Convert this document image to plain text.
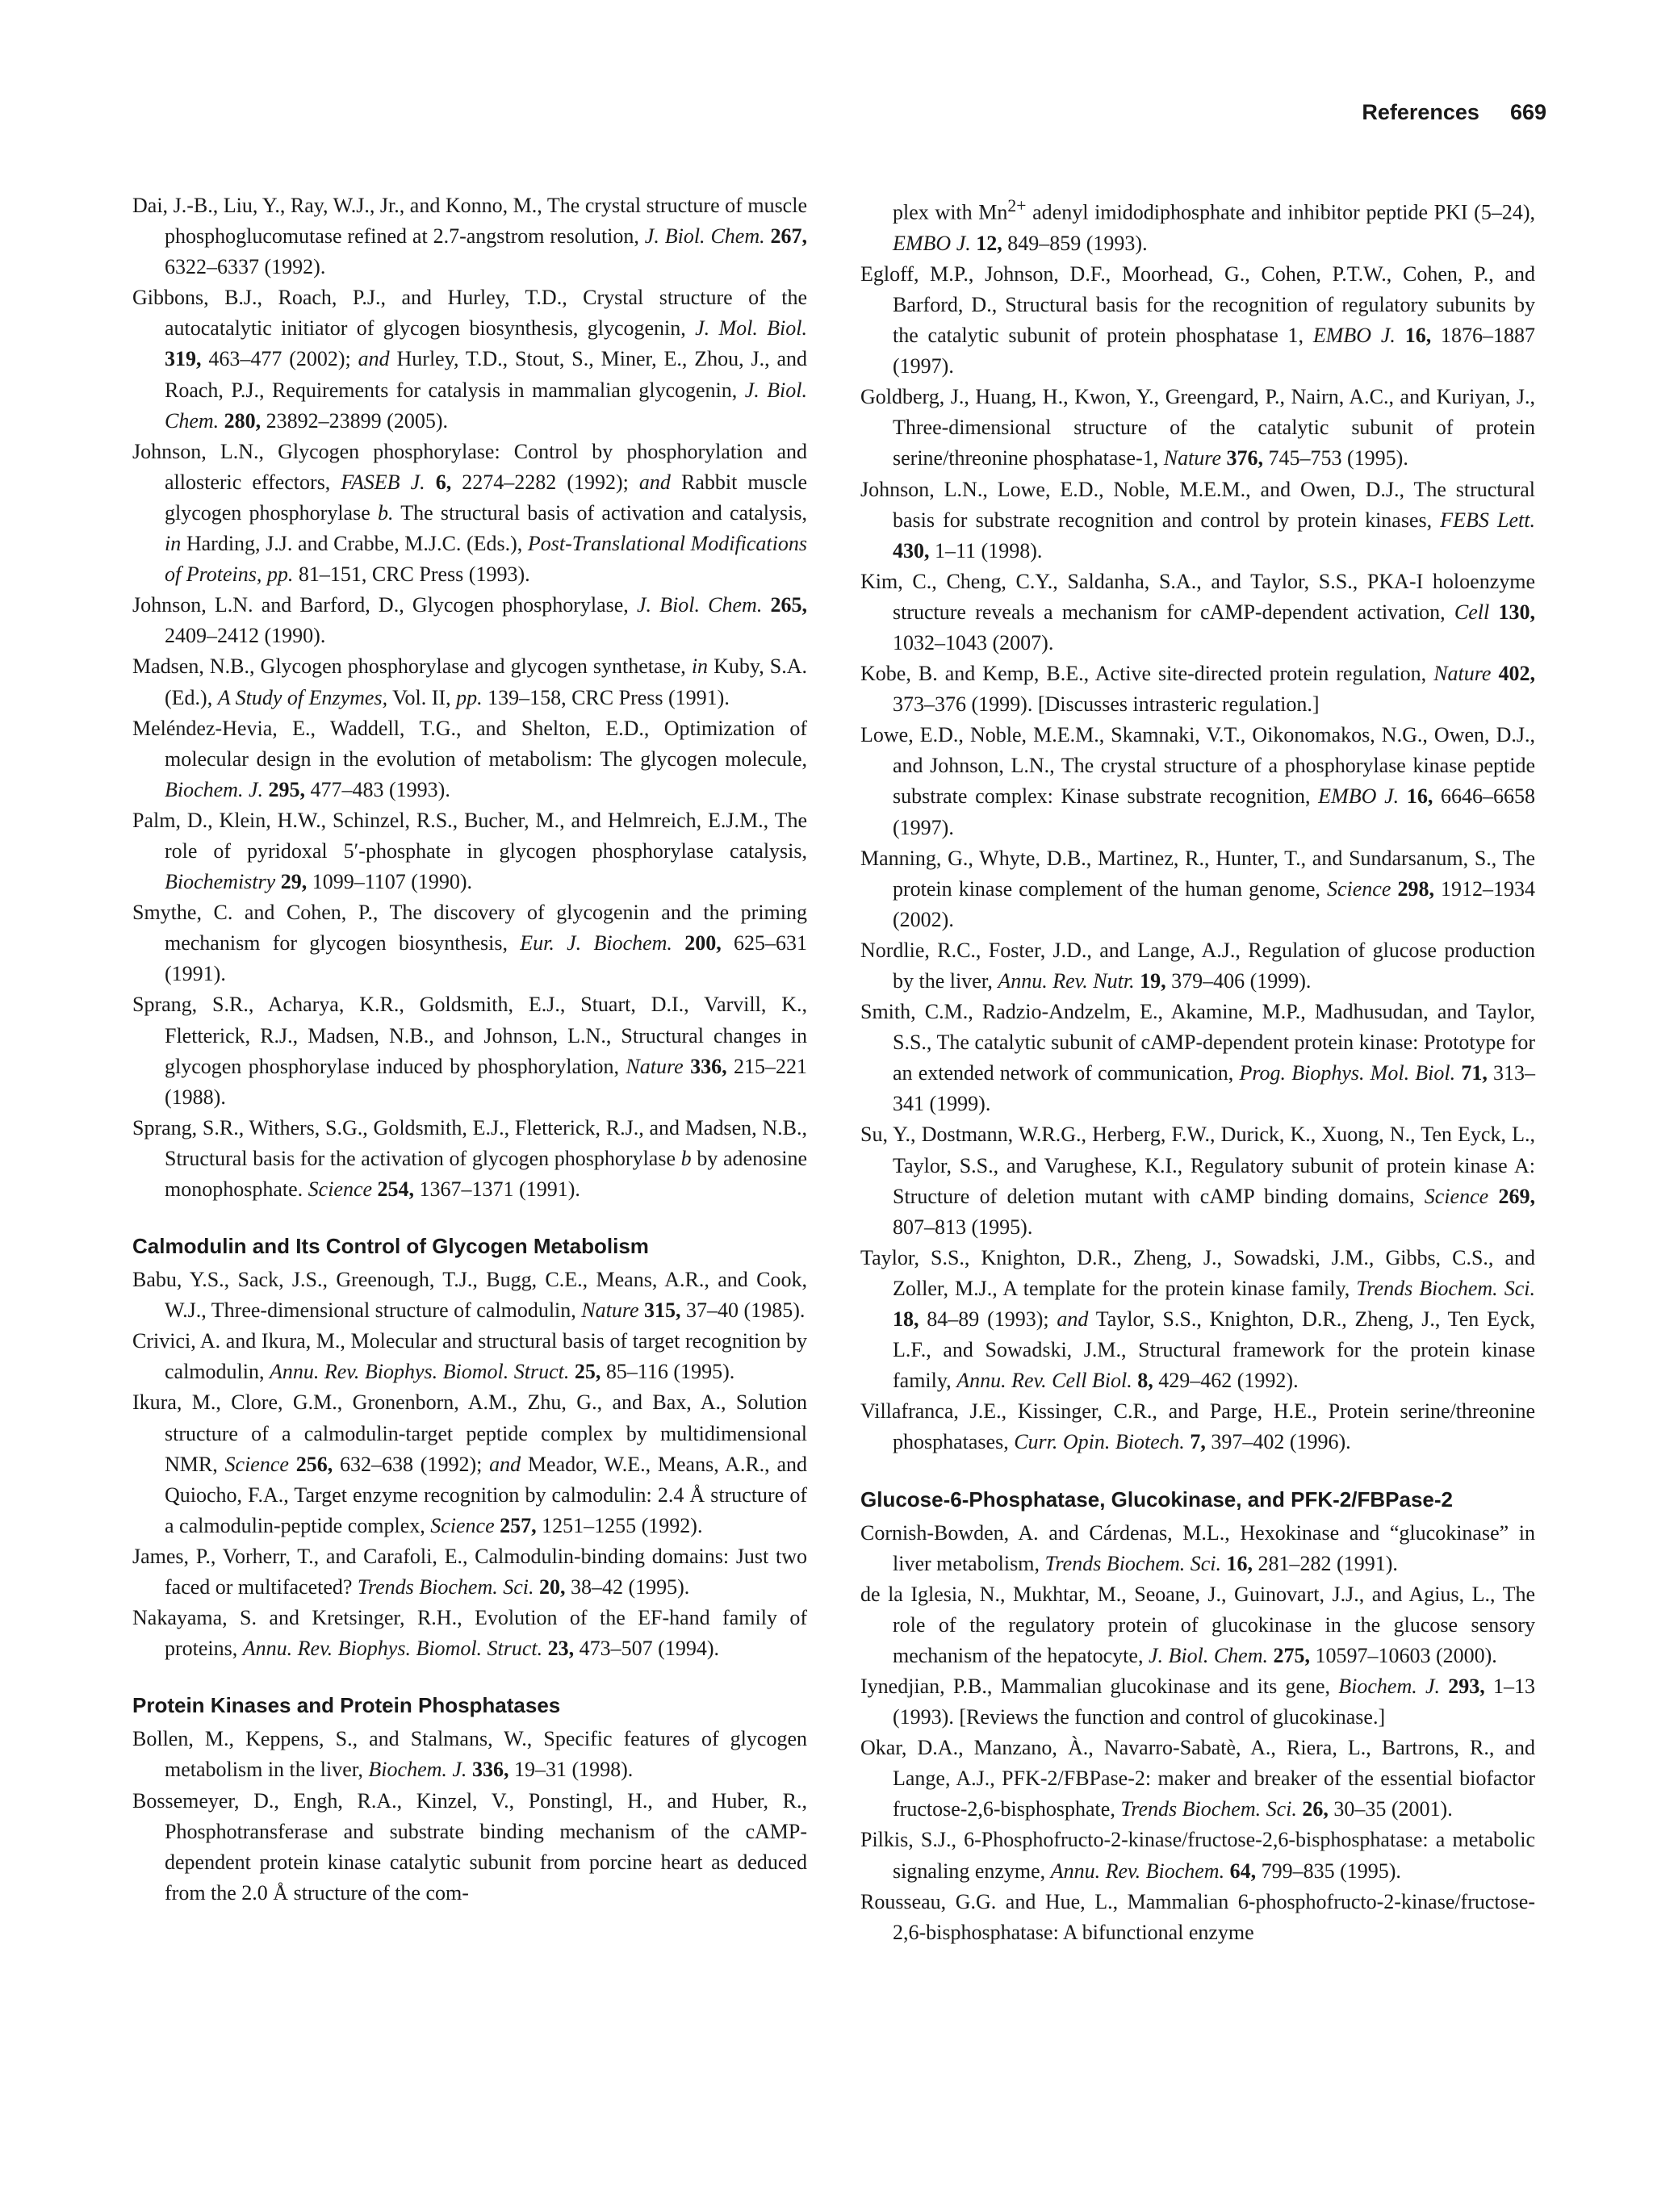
References 669

Dai, J.-B., Liu, Y., Ray, W.J., Jr., and Konno, M., The crystal structure of muscle phosphoglucomutase refined at 2.7-angstrom resolution, J. Biol. Chem. 267, 6322–6337 (1992).

Gibbons, B.J., Roach, P.J., and Hurley, T.D., Crystal structure of the autocatalytic initiator of glycogen biosynthesis, glycogenin, J. Mol. Biol. 319, 463–477 (2002); and Hurley, T.D., Stout, S., Miner, E., Zhou, J., and Roach, P.J., Requirements for catalysis in mammalian glycogenin, J. Biol. Chem. 280, 23892–23899 (2005).

Johnson, L.N., Glycogen phosphorylase: Control by phosphorylation and allosteric effectors, FASEB J. 6, 2274–2282 (1992); and Rabbit muscle glycogen phosphorylase b. The structural basis of activation and catalysis, in Harding, J.J. and Crabbe, M.J.C. (Eds.), Post-Translational Modifications of Proteins, pp. 81–151, CRC Press (1993).

Johnson, L.N. and Barford, D., Glycogen phosphorylase, J. Biol. Chem. 265, 2409–2412 (1990).

Madsen, N.B., Glycogen phosphorylase and glycogen synthetase, in Kuby, S.A. (Ed.), A Study of Enzymes, Vol. II, pp. 139–158, CRC Press (1991).

Meléndez-Hevia, E., Waddell, T.G., and Shelton, E.D., Optimization of molecular design in the evolution of metabolism: The glycogen molecule, Biochem. J. 295, 477–483 (1993).

Palm, D., Klein, H.W., Schinzel, R.S., Bucher, M., and Helmreich, E.J.M., The role of pyridoxal 5′-phosphate in glycogen phosphorylase catalysis, Biochemistry 29, 1099–1107 (1990).

Smythe, C. and Cohen, P., The discovery of glycogenin and the priming mechanism for glycogen biosynthesis, Eur. J. Biochem. 200, 625–631 (1991).

Sprang, S.R., Acharya, K.R., Goldsmith, E.J., Stuart, D.I., Varvill, K., Fletterick, R.J., Madsen, N.B., and Johnson, L.N., Structural changes in glycogen phosphorylase induced by phosphorylation, Nature 336, 215–221 (1988).

Sprang, S.R., Withers, S.G., Goldsmith, E.J., Fletterick, R.J., and Madsen, N.B., Structural basis for the activation of glycogen phosphorylase b by adenosine monophosphate. Science 254, 1367–1371 (1991).

Calmodulin and Its Control of Glycogen Metabolism

Babu, Y.S., Sack, J.S., Greenough, T.J., Bugg, C.E., Means, A.R., and Cook, W.J., Three-dimensional structure of calmodulin, Nature 315, 37–40 (1985).

Crivici, A. and Ikura, M., Molecular and structural basis of target recognition by calmodulin, Annu. Rev. Biophys. Biomol. Struct. 25, 85–116 (1995).

Ikura, M., Clore, G.M., Gronenborn, A.M., Zhu, G., and Bax, A., Solution structure of a calmodulin-target peptide complex by multidimensional NMR, Science 256, 632–638 (1992); and Meador, W.E., Means, A.R., and Quiocho, F.A., Target enzyme recognition by calmodulin: 2.4 Å structure of a calmodulin-peptide complex, Science 257, 1251–1255 (1992).

James, P., Vorherr, T., and Carafoli, E., Calmodulin-binding domains: Just two faced or multifaceted? Trends Biochem. Sci. 20, 38–42 (1995).

Nakayama, S. and Kretsinger, R.H., Evolution of the EF-hand family of proteins, Annu. Rev. Biophys. Biomol. Struct. 23, 473–507 (1994).

Protein Kinases and Protein Phosphatases

Bollen, M., Keppens, S., and Stalmans, W., Specific features of glycogen metabolism in the liver, Biochem. J. 336, 19–31 (1998).

Bossemeyer, D., Engh, R.A., Kinzel, V., Ponstingl, H., and Huber, R., Phosphotransferase and substrate binding mechanism of the cAMP-dependent protein kinase catalytic subunit from porcine heart as deduced from the 2.0 Å structure of the com-

plex with $Mn^{2+}$ adenyl imidodiphosphate and inhibitor peptide PKI (5–24), EMBO J. 12, 849–859 (1993).

Egloff, M.P., Johnson, D.F., Moorhead, G., Cohen, P.T.W., Cohen, P., and Barford, D., Structural basis for the recognition of regulatory subunits by the catalytic subunit of protein phosphatase 1, EMBO J. 16, 1876–1887 (1997).

Goldberg, J., Huang, H., Kwon, Y., Greengard, P., Nairn, A.C., and Kuriyan, J., Three-dimensional structure of the catalytic subunit of protein serine/threonine phosphatase-1, Nature 376, 745–753 (1995).

Johnson, L.N., Lowe, E.D., Noble, M.E.M., and Owen, D.J., The structural basis for substrate recognition and control by protein kinases, FEBS Lett. 430, 1–11 (1998).

Kim, C., Cheng, C.Y., Saldanha, S.A., and Taylor, S.S., PKA-I holoenzyme structure reveals a mechanism for cAMP-dependent activation, Cell 130, 1032–1043 (2007).

Kobe, B. and Kemp, B.E., Active site-directed protein regulation, Nature 402, 373–376 (1999). [Discusses intrasteric regulation.]

Lowe, E.D., Noble, M.E.M., Skamnaki, V.T., Oikonomakos, N.G., Owen, D.J., and Johnson, L.N., The crystal structure of a phosphorylase kinase peptide substrate complex: Kinase substrate recognition, EMBO J. 16, 6646–6658 (1997).

Manning, G., Whyte, D.B., Martinez, R., Hunter, T., and Sundarsanum, S., The protein kinase complement of the human genome, Science 298, 1912–1934 (2002).

Nordlie, R.C., Foster, J.D., and Lange, A.J., Regulation of glucose production by the liver, Annu. Rev. Nutr. 19, 379–406 (1999).

Smith, C.M., Radzio-Andzelm, E., Akamine, M.P., Madhusudan, and Taylor, S.S., The catalytic subunit of cAMP-dependent protein kinase: Prototype for an extended network of communication, Prog. Biophys. Mol. Biol. 71, 313–341 (1999).

Su, Y., Dostmann, W.R.G., Herberg, F.W., Durick, K., Xuong, N., Ten Eyck, L., Taylor, S.S., and Varughese, K.I., Regulatory subunit of protein kinase A: Structure of deletion mutant with cAMP binding domains, Science 269, 807–813 (1995).

Taylor, S.S., Knighton, D.R., Zheng, J., Sowadski, J.M., Gibbs, C.S., and Zoller, M.J., A template for the protein kinase family, Trends Biochem. Sci. 18, 84–89 (1993); and Taylor, S.S., Knighton, D.R., Zheng, J., Ten Eyck, L.F., and Sowadski, J.M., Structural framework for the protein kinase family, Annu. Rev. Cell Biol. 8, 429–462 (1992).

Villafranca, J.E., Kissinger, C.R., and Parge, H.E., Protein serine/threonine phosphatases, Curr. Opin. Biotech. 7, 397–402 (1996).

Glucose-6-Phosphatase, Glucokinase, and PFK-2/FBPase-2

Cornish-Bowden, A. and Cárdenas, M.L., Hexokinase and “glucokinase” in liver metabolism, Trends Biochem. Sci. 16, 281–282 (1991).

de la Iglesia, N., Mukhtar, M., Seoane, J., Guinovart, J.J., and Agius, L., The role of the regulatory protein of glucokinase in the glucose sensory mechanism of the hepatocyte, J. Biol. Chem. 275, 10597–10603 (2000).

Iynedjian, P.B., Mammalian glucokinase and its gene, Biochem. J. 293, 1–13 (1993). [Reviews the function and control of glucokinase.]

Okar, D.A., Manzano, À., Navarro-Sabatè, A., Riera, L., Bartrons, R., and Lange, A.J., PFK-2/FBPase-2: maker and breaker of the essential biofactor fructose-2,6-bisphosphate, Trends Biochem. Sci. 26, 30–35 (2001).

Pilkis, S.J., 6-Phosphofructo-2-kinase/fructose-2,6-bisphosphatase: a metabolic signaling enzyme, Annu. Rev. Biochem. 64, 799–835 (1995).

Rousseau, G.G. and Hue, L., Mammalian 6-phosphofructo-2-kinase/fructose-2,6-bisphosphatase: A bifunctional enzyme
